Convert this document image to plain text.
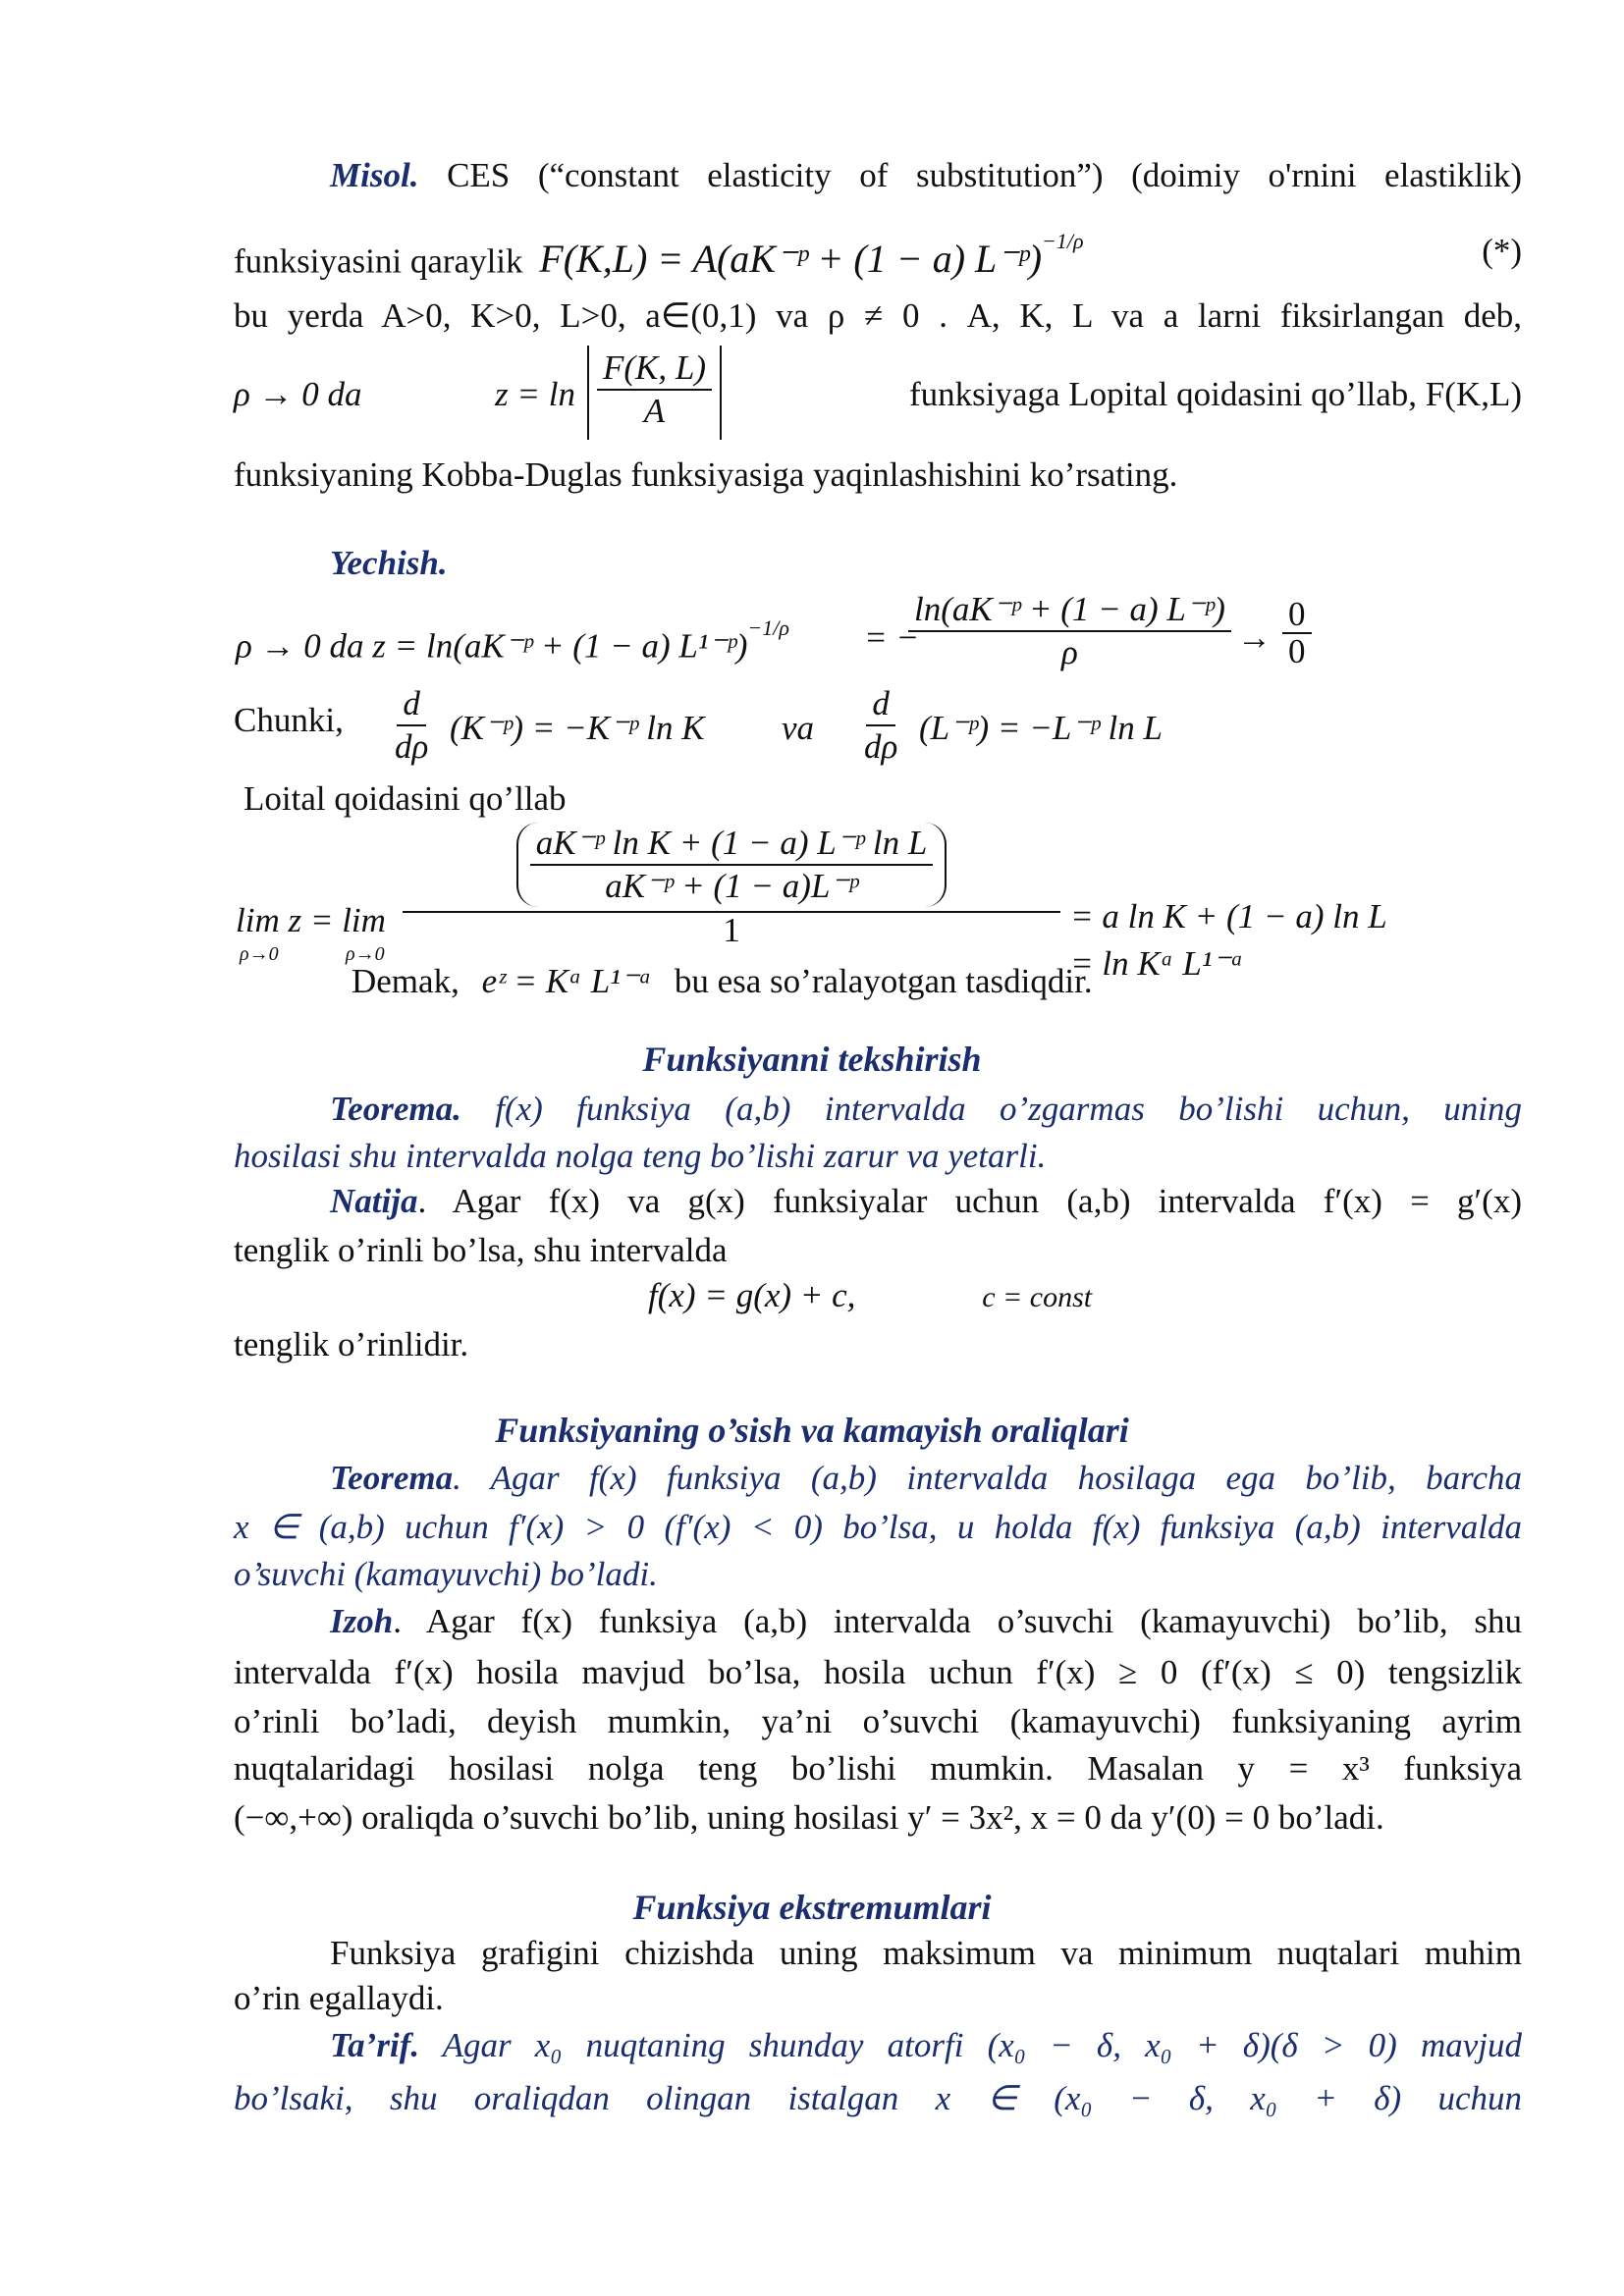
Misol. CES (“constant elasticity of substitution”) (doimiy o'rnini elastiklik)
funksiyasini qaraylik F(K,L) = A(aK⁻ᵖ + (1 − a) L⁻ᵖ)$^{-1/\rho}$	(*)
bu yerda A>0, K>0, L>0, a∈(0,1) va ρ ≠ 0 . A, K, L va a larni fiksirlangan deb,
ρ → 0 da	$z = \ln \frac{F(K, L)}{A}$	funksiyaga Lopital qoidasini qo’llab, F(K,L)
funksiyaning Kobba-Duglas funksiyasiga yaqinlashishini ko’rsating.
Yechish.
ρ → 0 da z = ln(aK⁻ᵖ + (1 − a) L¹⁻ᵖ)$^{-1/\rho}$ = −
$\frac{\text{ln(aK⁻ᵖ + (1 − a) L⁻ᵖ)}}{\rho} \to \frac{0}{0}$
Chunki, $\frac{d}{d\rho}$ (K⁻ᵖ) = −K⁻ᵖ ln K va $\frac{d}{d\rho}$ (L⁻ᵖ) = −L⁻ᵖ ln L
Loital qoidasini qo’llab
lim z = lim
ρ→0	ρ→0
$\frac{\text{aK⁻ᵖ ln K + (1 − a) L⁻ᵖ ln L}}{\text{aK⁻ᵖ + (1 − a)L⁻ᵖ}}$
1	= a ln K + (1 − a) ln L = ln Kᵃ L¹⁻ᵃ
Demak, eᶻ = Kᵃ L¹⁻ᵃ bu esa so’ralayotgan tasdiqdir.
Funksiyanni tekshirish
Teorema. f(x) funksiya (a,b) intervalda o’zgarmas bo’lishi uchun, uning
hosilasi shu intervalda nolga teng bo’lishi zarur va yetarli.
Natija. Agar f(x) va g(x) funksiyalar uchun (a,b) intervalda f′(x) = g′(x)
tenglik o’rinli bo’lsa, shu intervalda
f(x) = g(x) + c,	c = const
tenglik o’rinlidir.
Funksiyaning o’sish va kamayish oraliqlari
Teorema. Agar f(x) funksiya (a,b) intervalda hosilaga ega bo’lib, barcha
x ∈ (a,b) uchun f′(x) > 0 (f′(x) < 0) bo’lsa, u holda f(x) funksiya (a,b) intervalda
o’suvchi (kamayuvchi) bo’ladi.
Izoh. Agar f(x) funksiya (a,b) intervalda o’suvchi (kamayuvchi) bo’lib, shu
intervalda f′(x) hosila mavjud bo’lsa, hosila uchun f′(x) ≥ 0 (f′(x) ≤ 0) tengsizlik
o’rinli bo’ladi, deyish mumkin, ya’ni o’suvchi (kamayuvchi) funksiyaning ayrim
nuqtalaridagi hosilasi nolga teng bo’lishi mumkin. Masalan y = x³ funksiya
(−∞,+∞) oraliqda o’suvchi bo’lib, uning hosilasi y′ = 3x², x = 0 da y′(0) = 0 bo’ladi.
Funksiya ekstremumlari
Funksiya grafigini chizishda uning maksimum va minimum nuqtalari muhim
o’rin egallaydi.
Ta’rif. Agar x₀ nuqtaning shunday atorfi (x₀ − δ, x₀ + δ)(δ > 0) mavjud
bo’lsaki, shu oraliqdan olingan istalgan x ∈ (x₀ − δ, x₀ + δ) uchun
